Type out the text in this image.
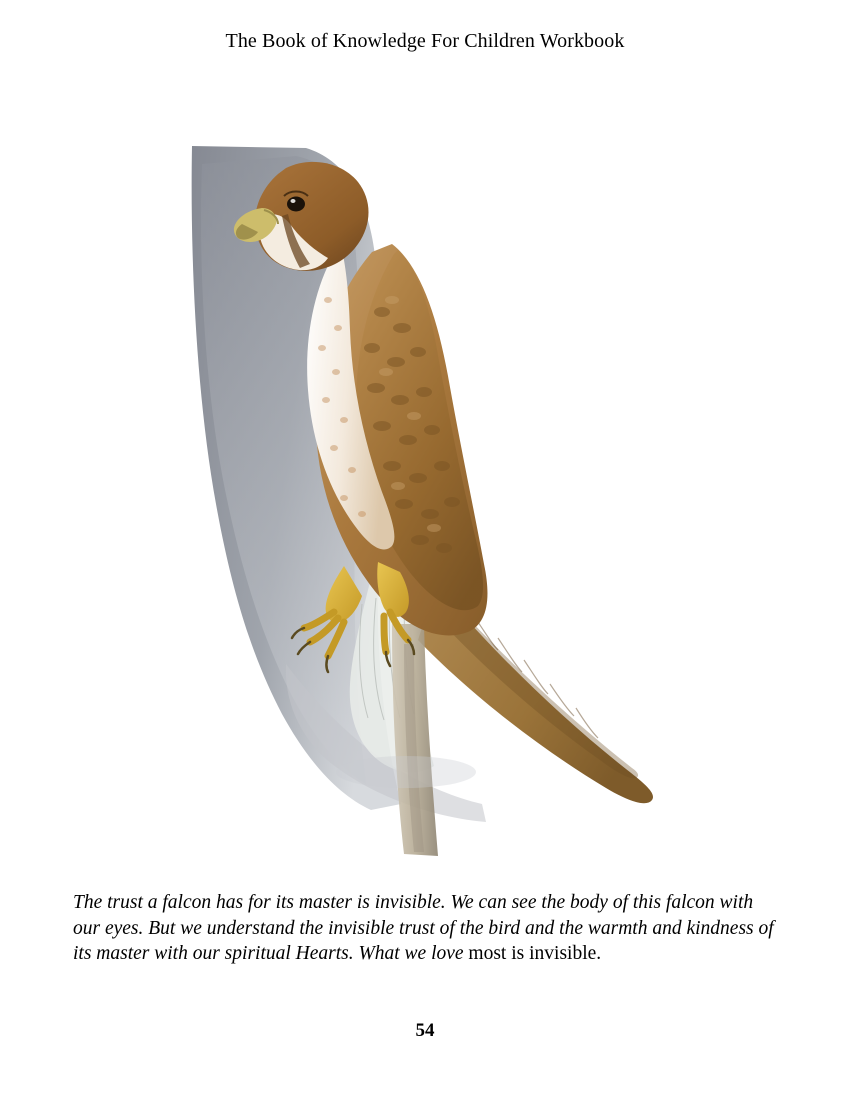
The Book of Knowledge For Children Workbook
The trust a falcon has for its master is invisible. We can see the body of this falcon with our eyes. But we understand the invisible trust of the bird and the warmth and kindness of its master with our spiritual Hearts. What we love most is invisible.
54
